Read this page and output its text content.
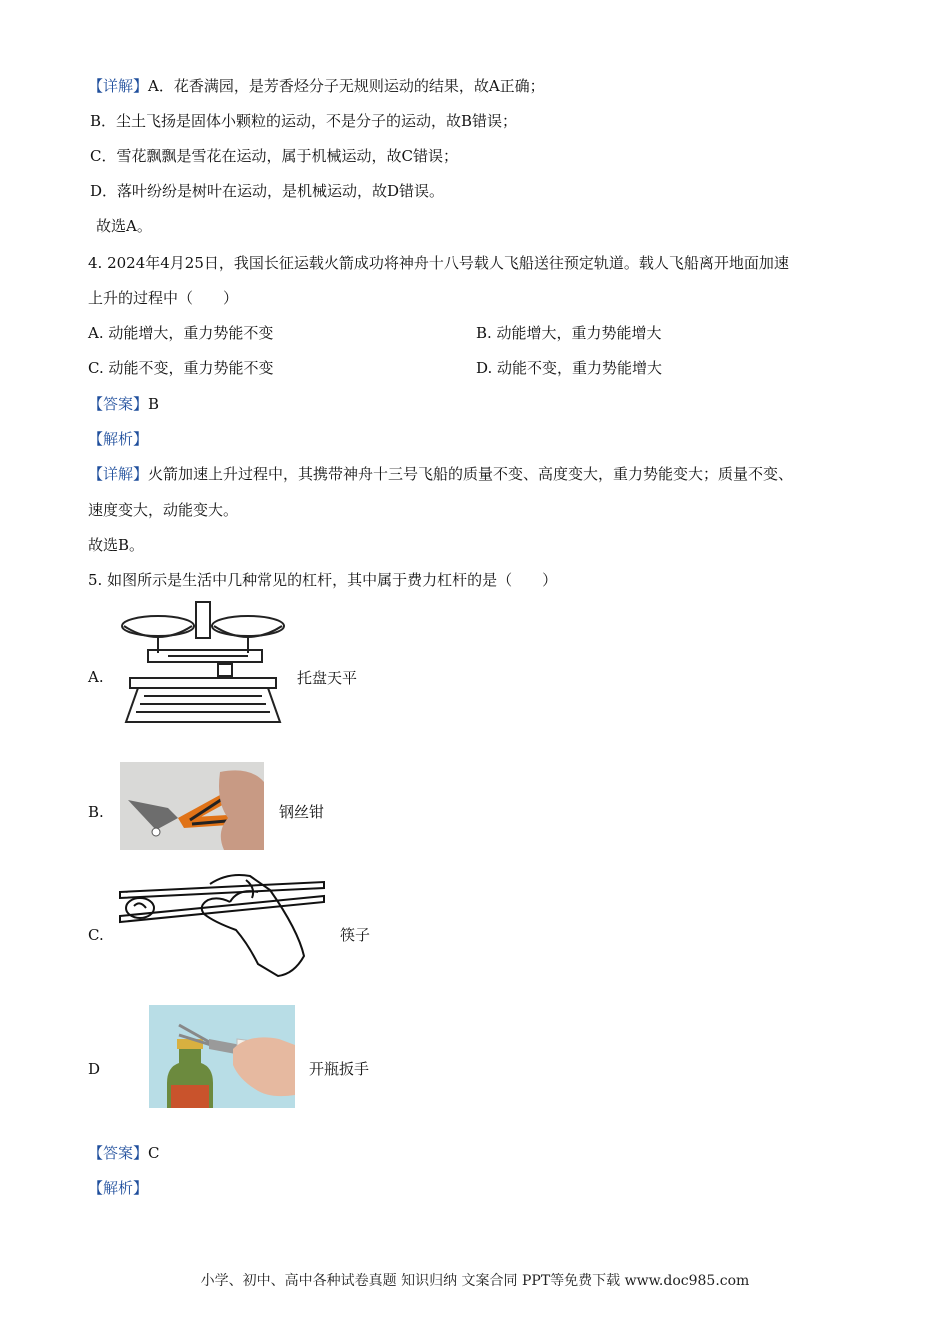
【详解】A．花香满园，是芳香烃分子无规则运动的结果，故A正确；
B．尘土飞扬是固体小颗粒的运动，不是分子的运动，故B错误；
C．雪花飘飘是雪花在运动，属于机械运动，故C错误；
D．落叶纷纷是树叶在运动，是机械运动，故D错误。
故选A。
4. 2024年4月25日，我国长征运载火箭成功将神舟十八号载人飞船送往预定轨道。载人飞船离开地面加速
上升的过程中（　　）
A. 动能增大，重力势能不变	B. 动能增大，重力势能增大
C. 动能不变，重力势能不变	D. 动能不变，重力势能增大
【答案】B
【解析】
【详解】火箭加速上升过程中，其携带神舟十三号飞船的质量不变、高度变大，重力势能变大；质量不变、
速度变大，动能变大。
故选B。
5. 如图所示是生活中几种常见的杠杆，其中属于费力杠杆的是（　　）
A.	托盘天平
B.	钢丝钳
C.	筷子
D	开瓶扳手
【答案】C
【解析】
小学、初中、高中各种试卷真题 知识归纳 文案合同 PPT等免费下载 www.doc985.com
